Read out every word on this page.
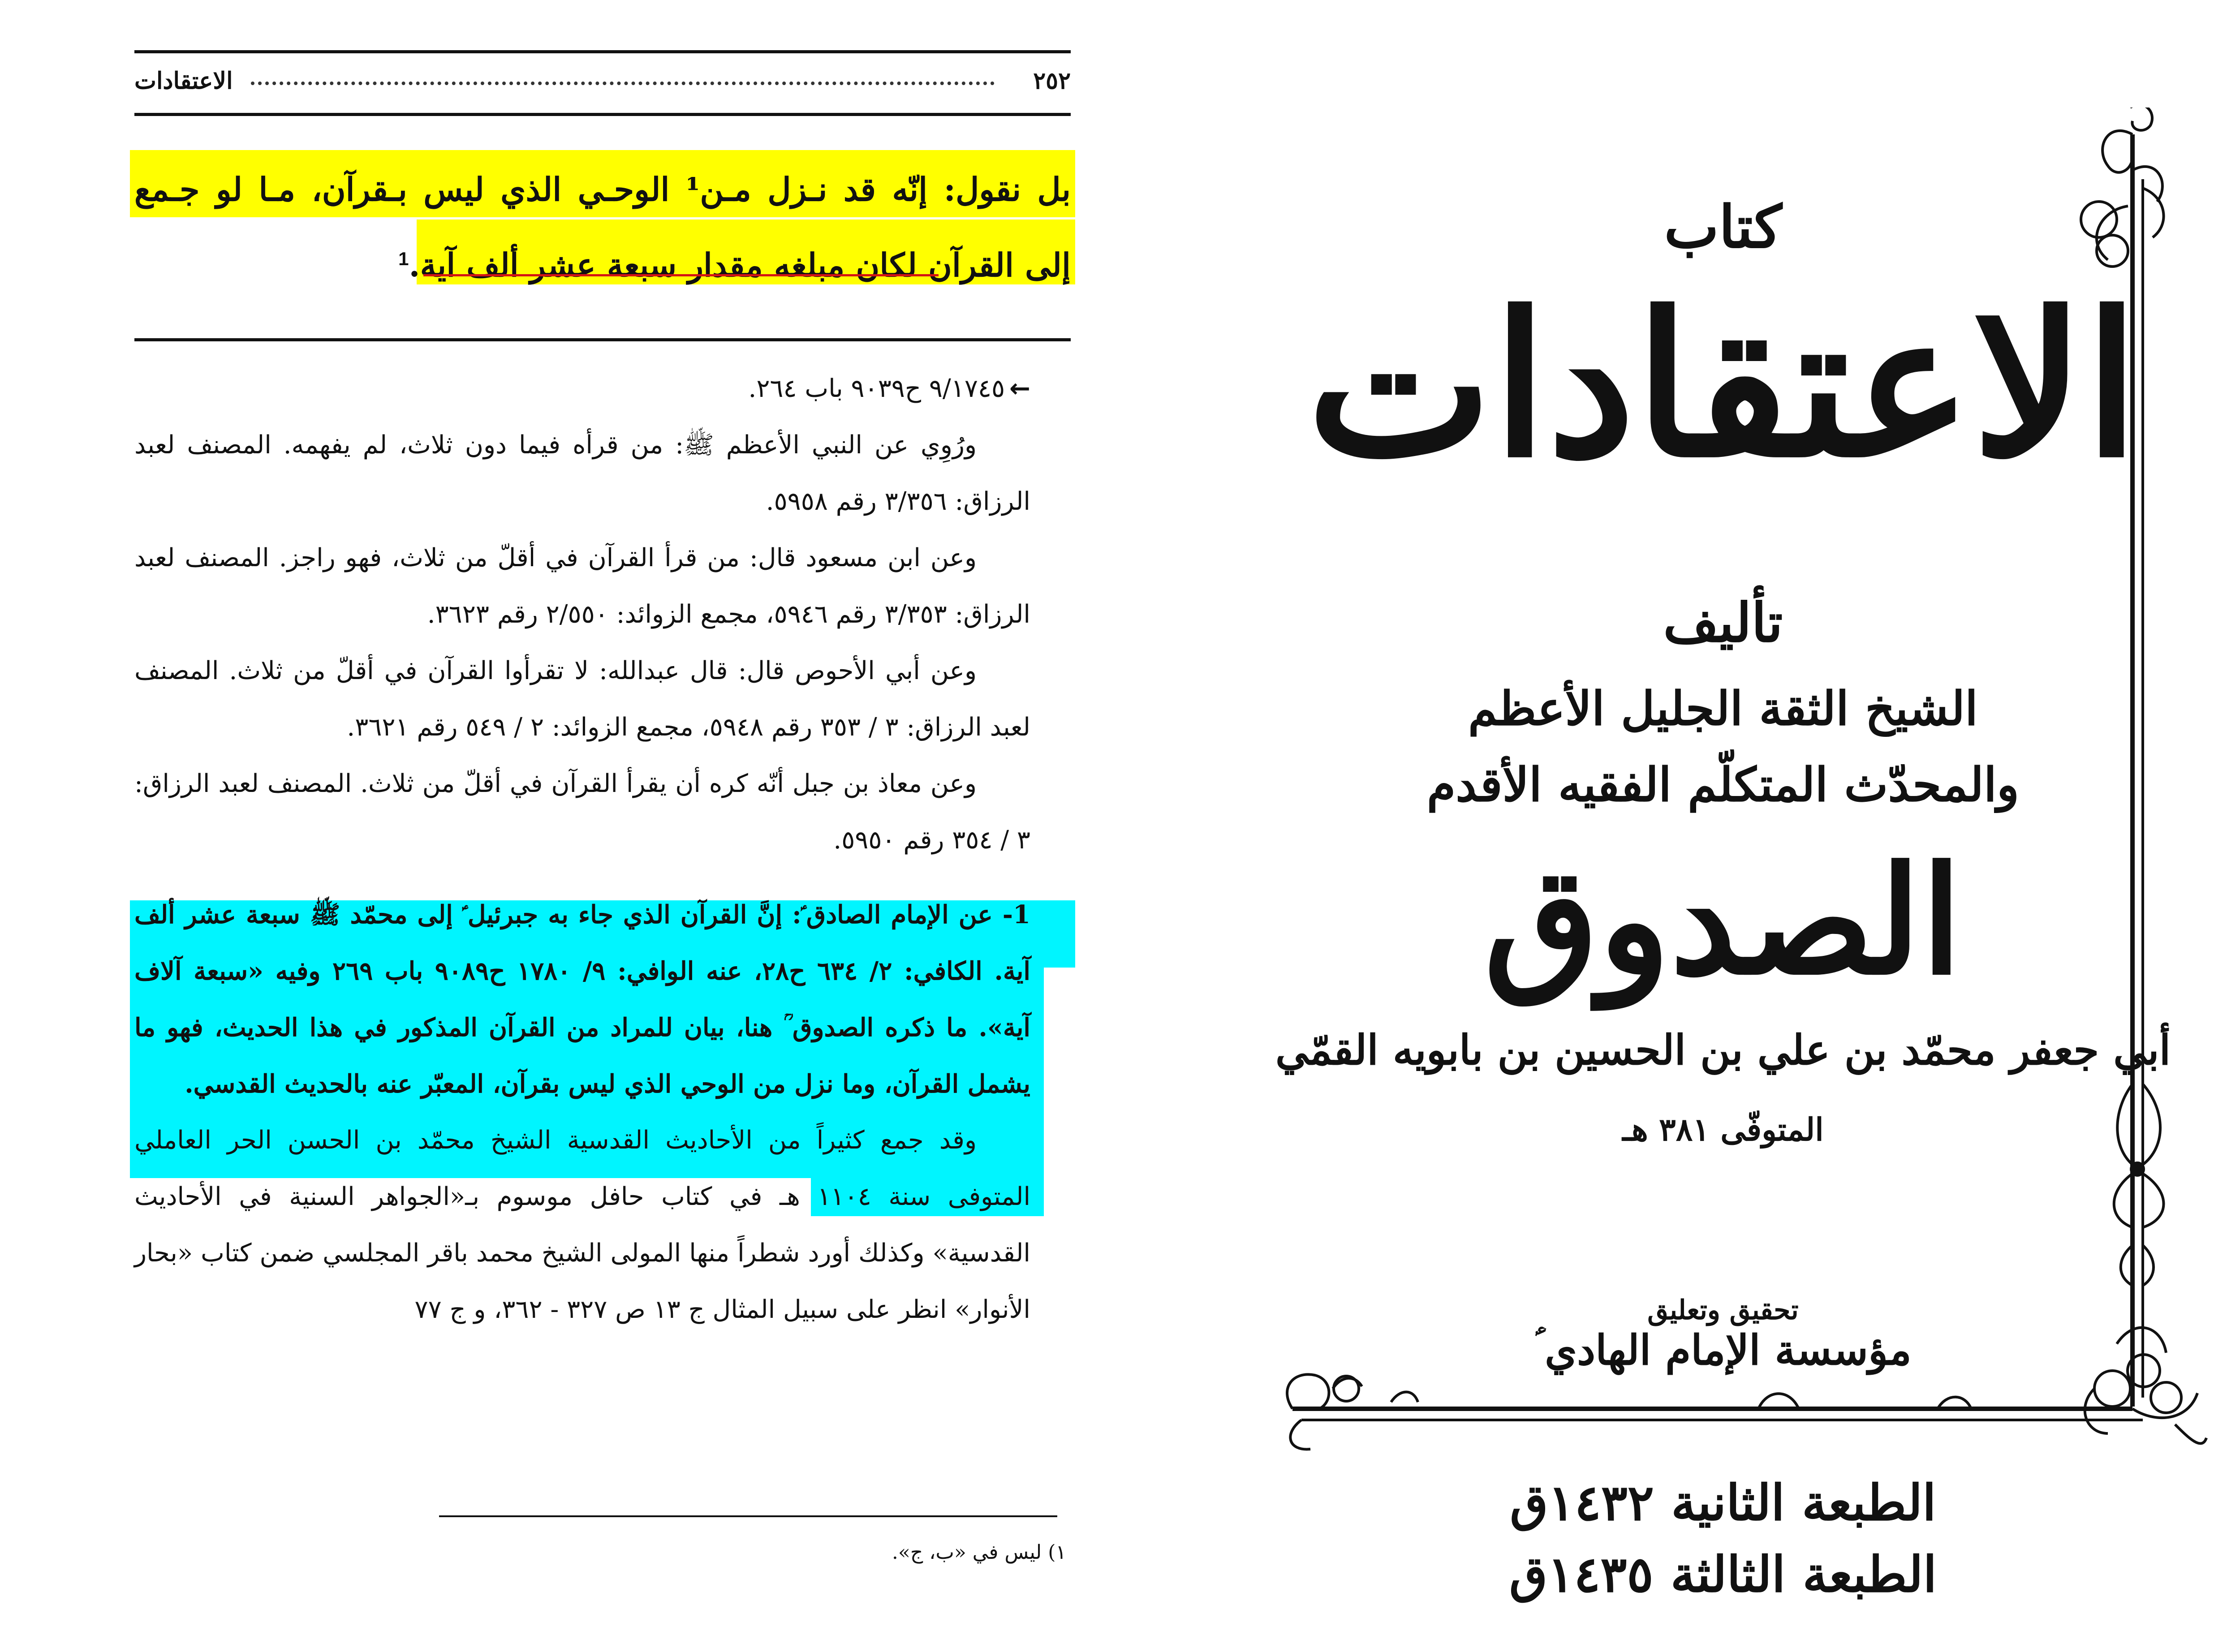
٢٥٢
الاعتقادات

بل نقول: إنّه قد نـزل مـن¹ الوحـي الذي ليس بـقرآن، مـا لو جـمع

إلى القرآن لكان مبلغه مقدار سبعة عشر ألف آية.$^1$

←٩/١٧٤٥ ح٩٠٣٩ باب ٢٦٤.

ورُوِي عن النبي الأعظم ﷺ: من قرأه فيما دون ثلاث، لم يفهمه. المصنف لعبد الرزاق: ٣/٣٥٦ رقم ٥٩٥٨.

وعن ابن مسعود قال: من قرأ القرآن في أقلّ من ثلاث، فهو راجز. المصنف لعبد الرزاق: ٣/٣٥٣ رقم ٥٩٤٦، مجمع الزوائد: ٢/٥٥٠ رقم ٣٦٢٣.

وعن أبي الأحوص قال: قال عبدالله: لا تقرأوا القرآن في أقلّ من ثلاث. المصنف لعبد الرزاق: ٣ / ٣٥٣ رقم ٥٩٤٨، مجمع الزوائد: ٢ / ٥٤٩ رقم ٣٦٢١.

وعن معاذ بن جبل أنّه كره أن يقرأ القرآن في أقلّ من ثلاث. المصنف لعبد الرزاق: ٣ / ٣٥٤ رقم ٥٩٥٠.

1- عن الإمام الصادق ؑ: إنَّ القرآن الذي جاء به جبرئيل ؑ إلى محمّد ﷺ سبعة عشر ألف آية. الكافي: ٢/ ٦٣٤ ح٢٨، عنه الوافي: ٩/ ١٧٨٠ ح٩٠٨٩ باب ٢٦٩ وفيه «سبعة آلاف آية». ما ذكره الصدوق ؒ هنا، بيان للمراد من القرآن المذكور في هذا الحديث، فهو ما يشمل القرآن، وما نزل من الوحي الذي ليس بقرآن، المعبّر عنه بالحديث القدسي.

وقد جمع كثيراً من الأحاديث القدسية الشيخ محمّد بن الحسن الحر العاملي المتوفى سنة ١١٠٤ هـ في كتاب حافل موسوم بـ«الجواهر السنية في الأحاديث القدسية» وكذلك أورد شطراً منها المولى الشيخ محمد باقر المجلسي ضمن كتاب «بحار الأنوار» انظر على سبيل المثال ج ١٣ ص ٣٢٧ - ٣٦٢، و ج ٧٧

١) ليس في «ب، ج».
كتاب
الاعتقادات
تأليف
الشيخ الثقة الجليل الأعظم
والمحدّث المتكلّم الفقيه الأقدم
الصدوق
أبي جعفر محمّد بن علي بن الحسين بن بابويه القمّي
المتوفّى ٣٨١ هـ
تحقيق وتعليق
مؤسسة الإمام الهادي ؑ
الطبعة الثانية ١٤٣٢ق
الطبعة الثالثة ١٤٣٥ق
